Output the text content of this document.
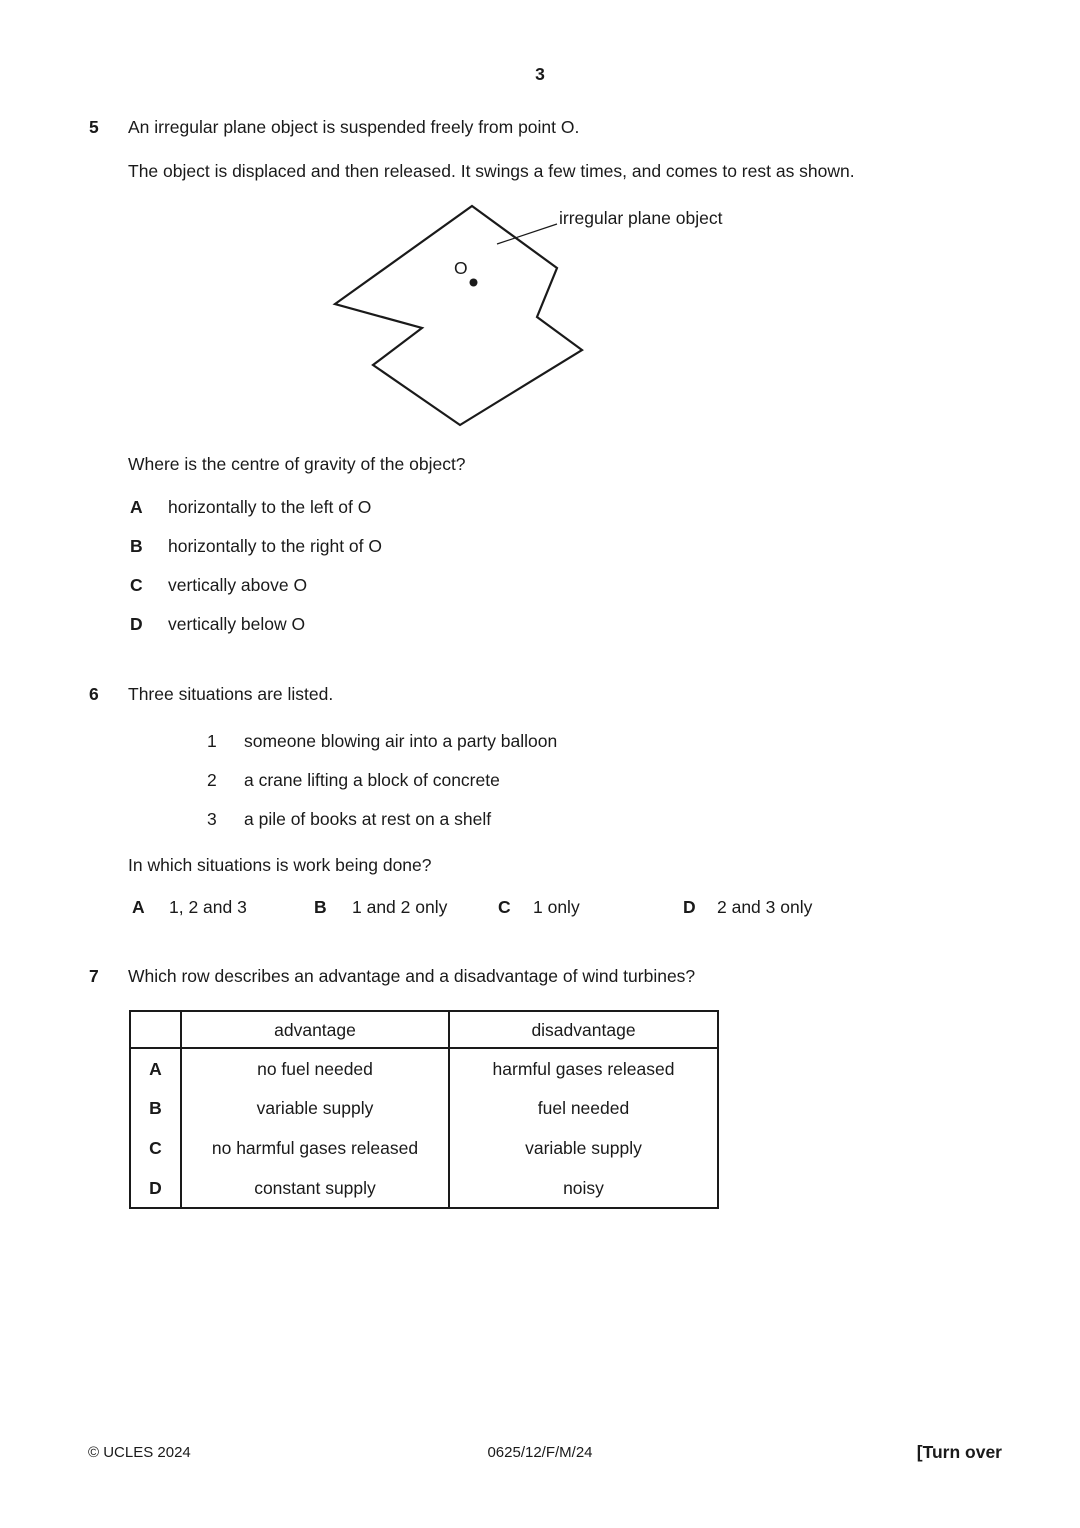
3
5 An irregular plane object is suspended freely from point O.
The object is displaced and then released. It swings a few times, and comes to rest as shown.
O
irregular plane object
Where is the centre of gravity of the object?
A horizontally to the left of O
B horizontally to the right of O
C vertically above O
D vertically below O
6 Three situations are listed.
1 someone blowing air into a party balloon
2 a crane lifting a block of concrete
3 a pile of books at rest on a shelf
In which situations is work being done?
A 1, 2 and 3	B 1 and 2 only	C 1 only	D 2 and 3 only
7 Which row describes an advantage and a disadvantage of wind turbines?
	advantage	disadvantage
A	no fuel needed	harmful gases released
B	variable supply	fuel needed
C	no harmful gases released	variable supply
D	constant supply	noisy
© UCLES 2024	0625/12/F/M/24	[Turn over
